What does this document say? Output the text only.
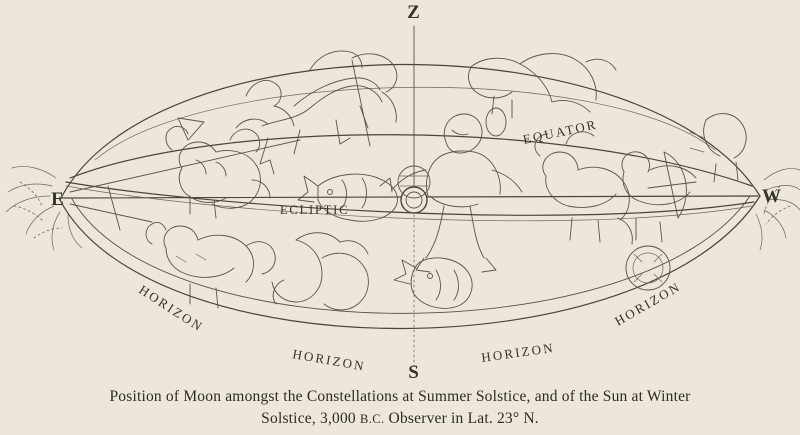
Z
S
E	W
EQUATOR
ECLIPTIC
HORIZON
HORIZON	HORIZON
HORIZON
Position of Moon amongst the Constellations at Summer Solstice, and of the Sun at Winter
Solstice, 3,000 B.C. Observer in Lat. 23° N.
